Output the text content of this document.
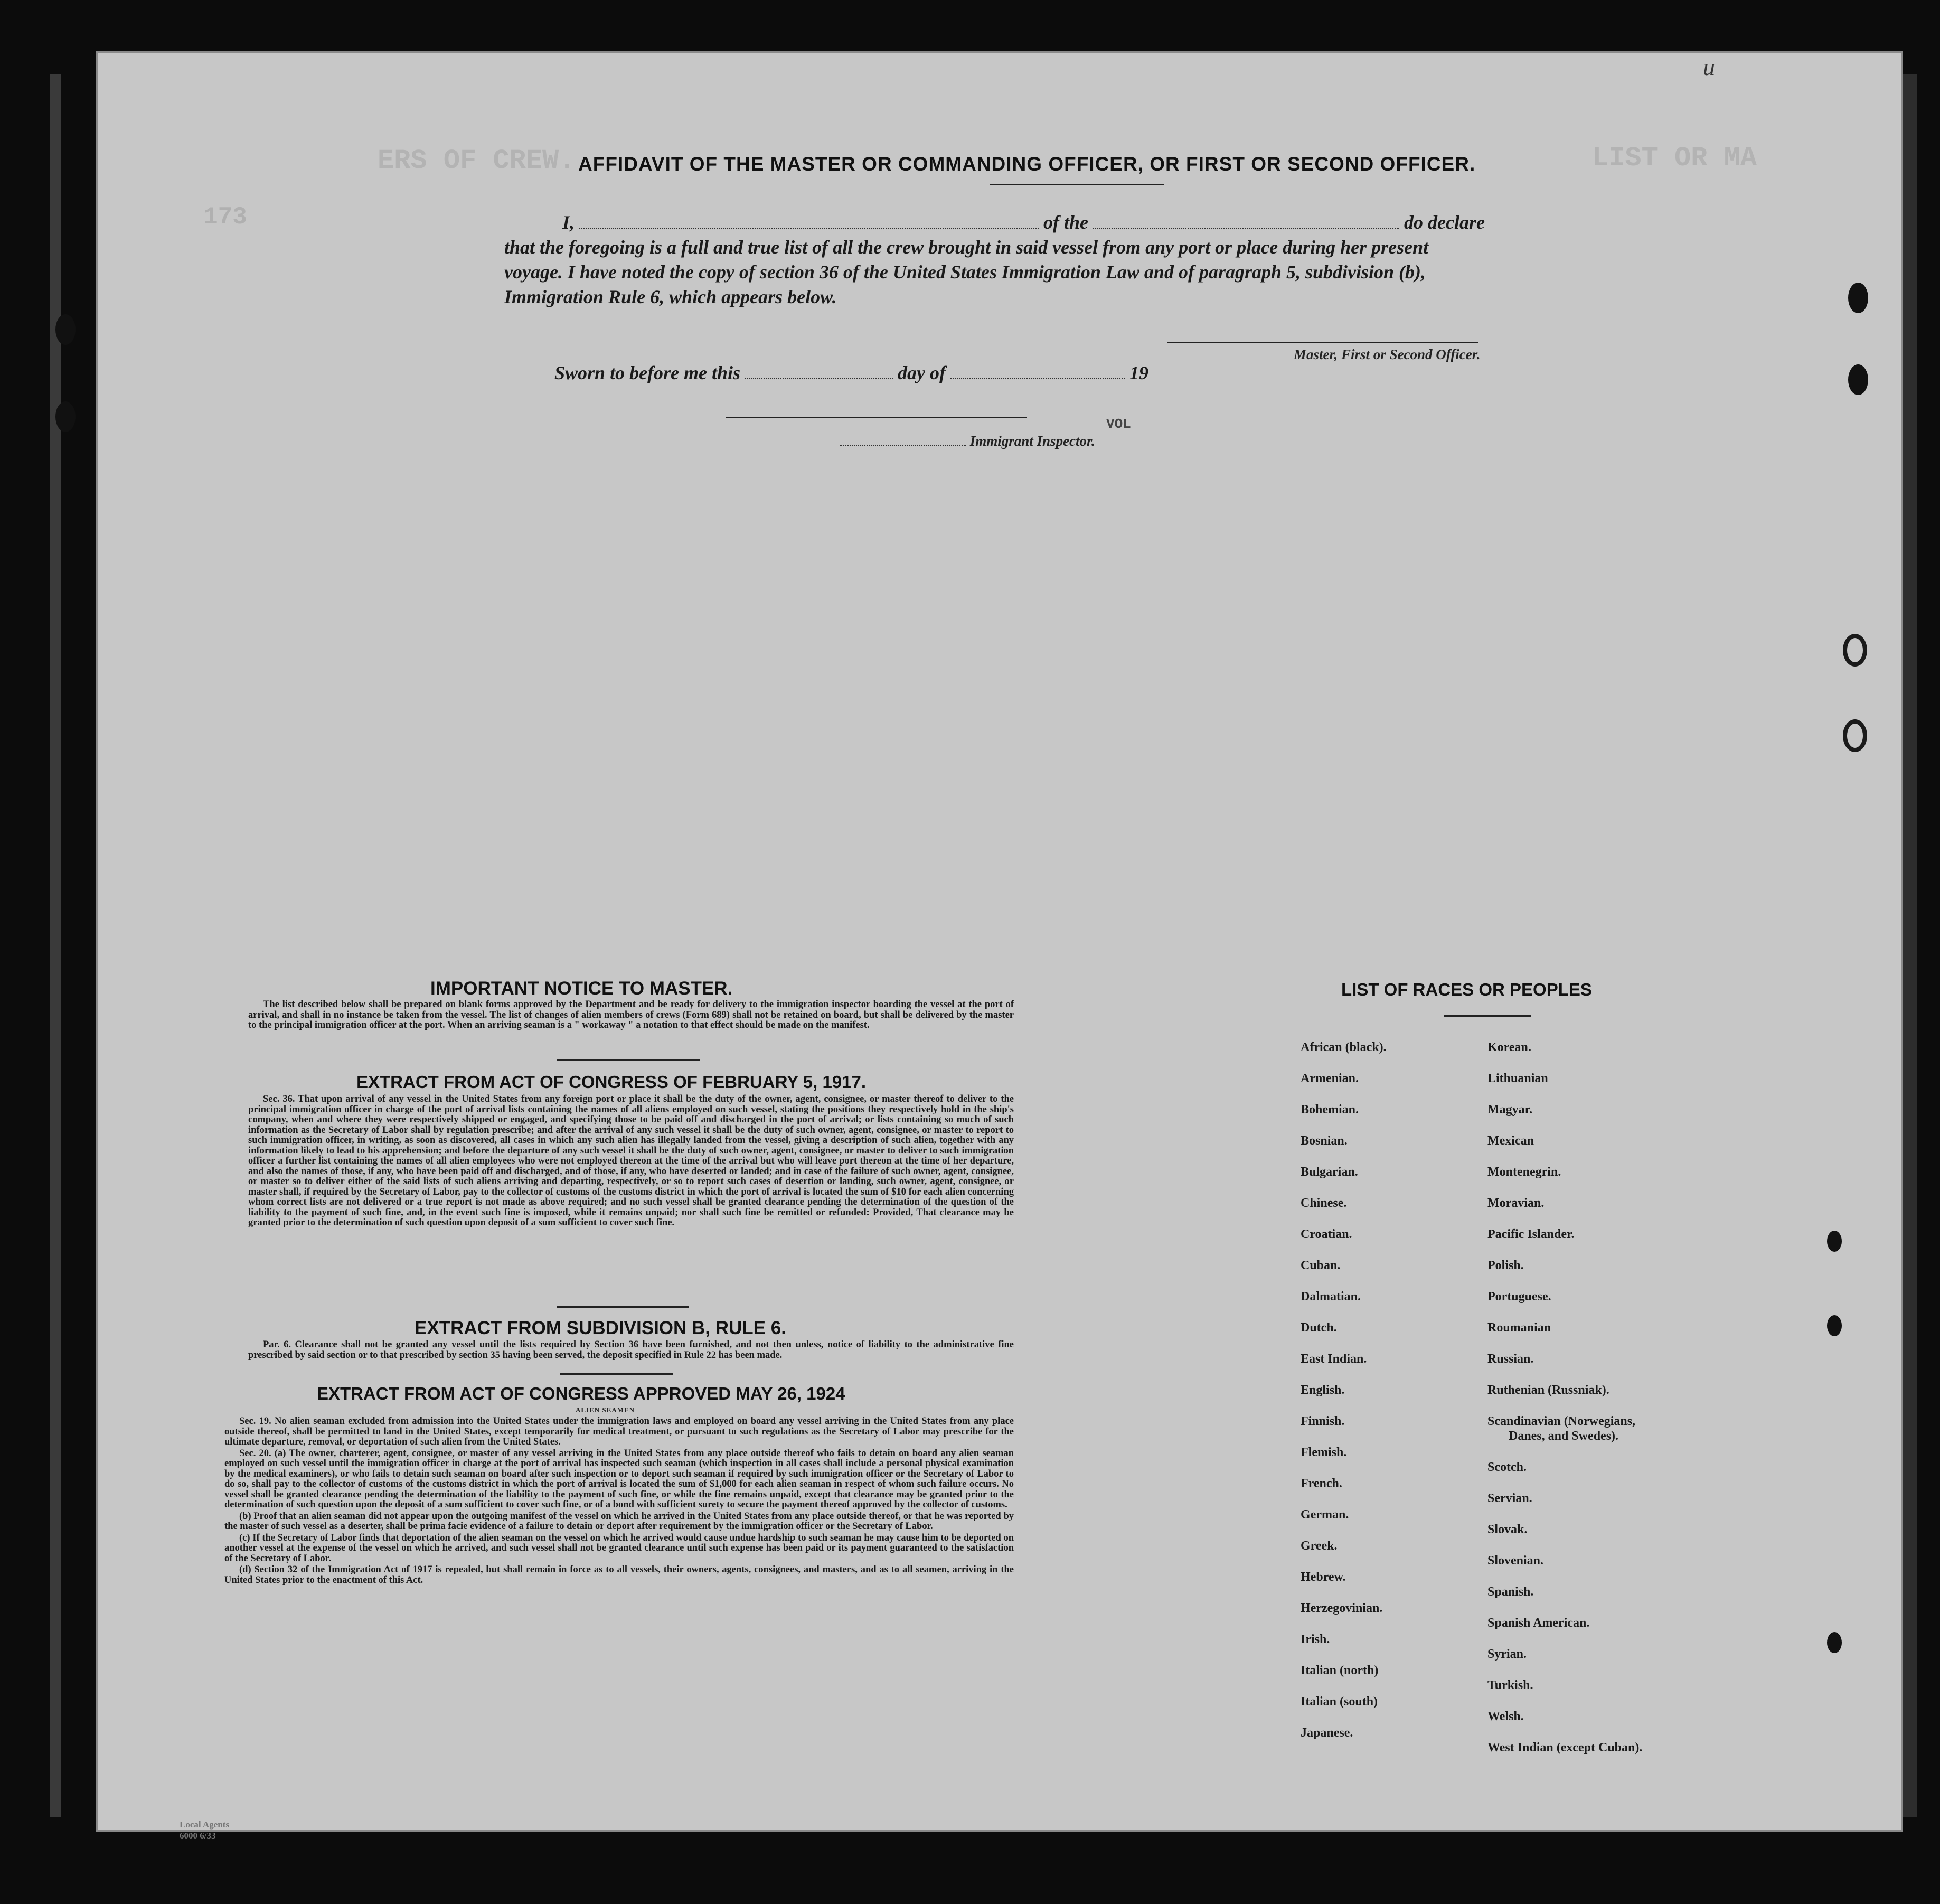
LIST OR MA
ERS OF CREW.
173
VOL
u
AFFIDAVIT OF THE MASTER OR COMMANDING OFFICER, OR FIRST OR SECOND OFFICER.
I,	of the	do declare
that the foregoing is a full and true list of all the crew brought in said vessel from any port or place during her present
voyage. I have noted the copy of section 36 of the United States Immigration Law and of paragraph 5, subdivision (b),
Immigration Rule 6, which appears below.
Master, First or Second Officer.
Sworn to before me this	day of	19
Immigrant Inspector.
IMPORTANT NOTICE TO MASTER.

The list described below shall be prepared on blank forms approved by the Department and be ready for delivery to the immigration inspector boarding the vessel at the port of arrival, and shall in no instance be taken from the vessel. The list of changes of alien members of crews (Form 689) shall not be retained on board, but shall be delivered by the master to the principal immigration officer at the port. When an arriving seaman is a " workaway " a notation to that effect should be made on the manifest.

EXTRACT FROM ACT OF CONGRESS OF FEBRUARY 5, 1917.

Sec. 36. That upon arrival of any vessel in the United States from any foreign port or place it shall be the duty of the owner, agent, consignee, or master thereof to deliver to the principal immigration officer in charge of the port of arrival lists containing the names of all aliens employed on such vessel, stating the positions they respectively hold in the ship's company, when and where they were respectively shipped or engaged, and specifying those to be paid off and discharged in the port of arrival; or lists containing so much of such information as the Secretary of Labor shall by regulation prescribe; and after the arrival of any such vessel it shall be the duty of such owner, agent, consignee, or master to report to such immigration officer, in writing, as soon as discovered, all cases in which any such alien has illegally landed from the vessel, giving a description of such alien, together with any information likely to lead to his apprehension; and before the departure of any such vessel it shall be the duty of such owner, agent, consignee, or master to deliver to such immigration officer a further list containing the names of all alien employees who were not employed thereon at the time of the arrival but who will leave port thereon at the time of her departure, and also the names of those, if any, who have been paid off and discharged, and of those, if any, who have deserted or landed; and in case of the failure of such owner, agent, consignee, or master so to deliver either of the said lists of such aliens arriving and departing, respectively, or so to report such cases of desertion or landing, such owner, agent, consignee, or master shall, if required by the Secretary of Labor, pay to the collector of customs of the customs district in which the port of arrival is located the sum of $10 for each alien concerning whom correct lists are not delivered or a true report is not made as above required; and no such vessel shall be granted clearance pending the determination of the question of the liability to the payment of such fine, and, in the event such fine is imposed, while it remains unpaid; nor shall such fine be remitted or refunded: Provided, That clearance may be granted prior to the determination of such question upon deposit of a sum sufficient to cover such fine.

EXTRACT FROM SUBDIVISION B, RULE 6.

Par. 6. Clearance shall not be granted any vessel until the lists required by Section 36 have been furnished, and not then unless, notice of liability to the administrative fine prescribed by said section or to that prescribed by section 35 having been served, the deposit specified in Rule 22 has been made.

EXTRACT FROM ACT OF CONGRESS APPROVED MAY 26, 1924
ALIEN SEAMEN

Sec. 19. No alien seaman excluded from admission into the United States under the immigration laws and employed on board any vessel arriving in the United States from any place outside thereof, shall be permitted to land in the United States, except temporarily for medical treatment, or pursuant to such regulations as the Secretary of Labor may prescribe for the ultimate departure, removal, or deportation of such alien from the United States.

Sec. 20. (a) The owner, charterer, agent, consignee, or master of any vessel arriving in the United States from any place outside thereof who fails to detain on board any alien seaman employed on such vessel until the immigration officer in charge at the port of arrival has inspected such seaman (which inspection in all cases shall include a personal physical examination by the medical examiners), or who fails to detain such seaman on board after such inspection or to deport such seaman if required by such immigration officer or the Secretary of Labor to do so, shall pay to the collector of customs of the customs district in which the port of arrival is located the sum of $1,000 for each alien seaman in respect of whom such failure occurs. No vessel shall be granted clearance pending the determination of the liability to the payment of such fine, or while the fine remains unpaid, except that clearance may be granted prior to the determination of such question upon the deposit of a sum sufficient to cover such fine, or of a bond with sufficient surety to secure the payment thereof approved by the collector of customs.

(b) Proof that an alien seaman did not appear upon the outgoing manifest of the vessel on which he arrived in the United States from any place outside thereof, or that he was reported by the master of such vessel as a deserter, shall be prima facie evidence of a failure to detain or deport after requirement by the immigration officer or the Secretary of Labor.

(c) If the Secretary of Labor finds that deportation of the alien seaman on the vessel on which he arrived would cause undue hardship to such seaman he may cause him to be deported on another vessel at the expense of the vessel on which he arrived, and such vessel shall not be granted clearance until such expense has been paid or its payment guaranteed to the satisfaction of the Secretary of Labor.

(d) Section 32 of the Immigration Act of 1917 is repealed, but shall remain in force as to all vessels, their owners, agents, consignees, and masters, and as to all seamen, arriving in the United States prior to the enactment of this Act.

LIST OF RACES OR PEOPLES
African (black).
Armenian.
Bohemian.
Bosnian.
Bulgarian.
Chinese.
Croatian.
Cuban.
Dalmatian.
Dutch.
East Indian.
English.
Finnish.
Flemish.
French.
German.
Greek.
Hebrew.
Herzegovinian.
Irish.
Italian (north)
Italian (south)
Japanese.
Korean.
Lithuanian
Magyar.
Mexican
Montenegrin.
Moravian.
Pacific Islander.
Polish.
Portuguese.
Roumanian
Russian.
Ruthenian (Russniak).
Scandinavian (Norwegians,
Danes, and Swedes).
Scotch.
Servian.
Slovak.
Slovenian.
Spanish.
Spanish American.
Syrian.
Turkish.
Welsh.
West Indian (except Cuban).
Local Agents
6000 6/33
